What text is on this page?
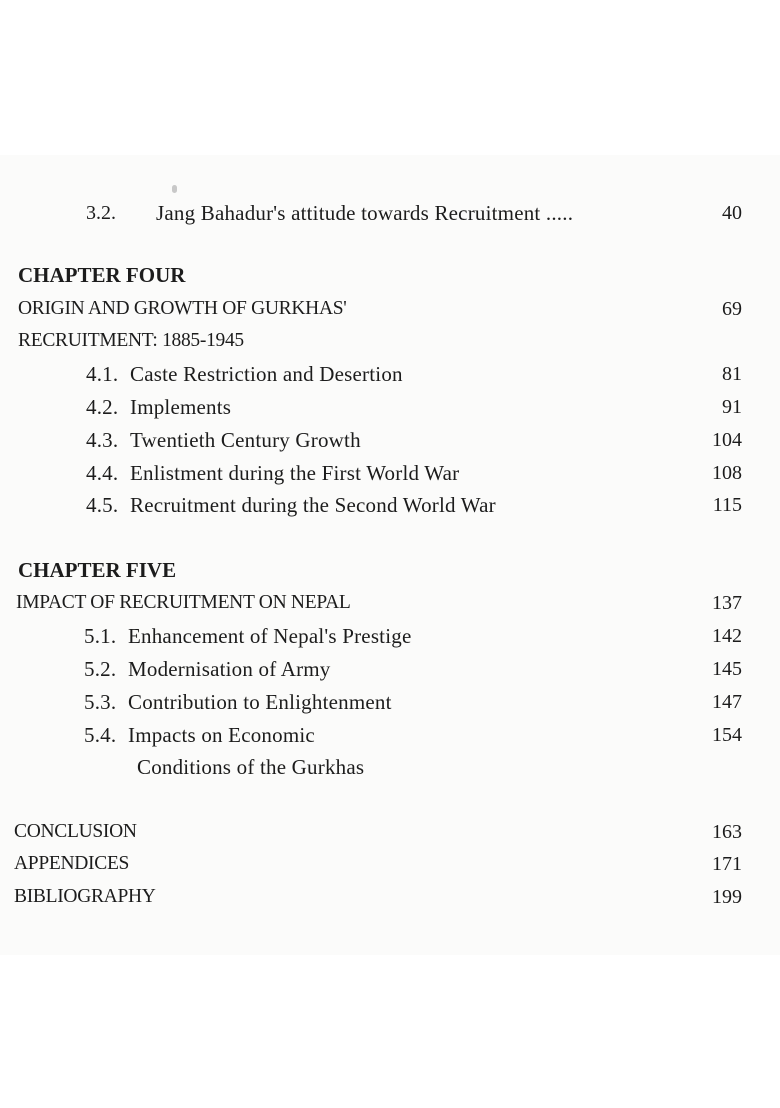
3.2. Jang Bahadur's attitude towards Recruitment .....	40
CHAPTER FOUR
ORIGIN AND GROWTH OF GURKHAS'	69
RECRUITMENT: 1885-1945
4.1. Caste Restriction and Desertion	81
4.2. Implements	91
4.3. Twentieth Century Growth	104
4.4. Enlistment during the First World War	108
4.5. Recruitment during the Second World War	115
CHAPTER FIVE
IMPACT OF RECRUITMENT ON NEPAL	137
5.1. Enhancement of Nepal's Prestige	142
5.2. Modernisation of Army	145
5.3. Contribution to Enlightenment	147
5.4. Impacts on Economic	154
Conditions of the Gurkhas
CONCLUSION	163
APPENDICES	171
BIBLIOGRAPHY	199
